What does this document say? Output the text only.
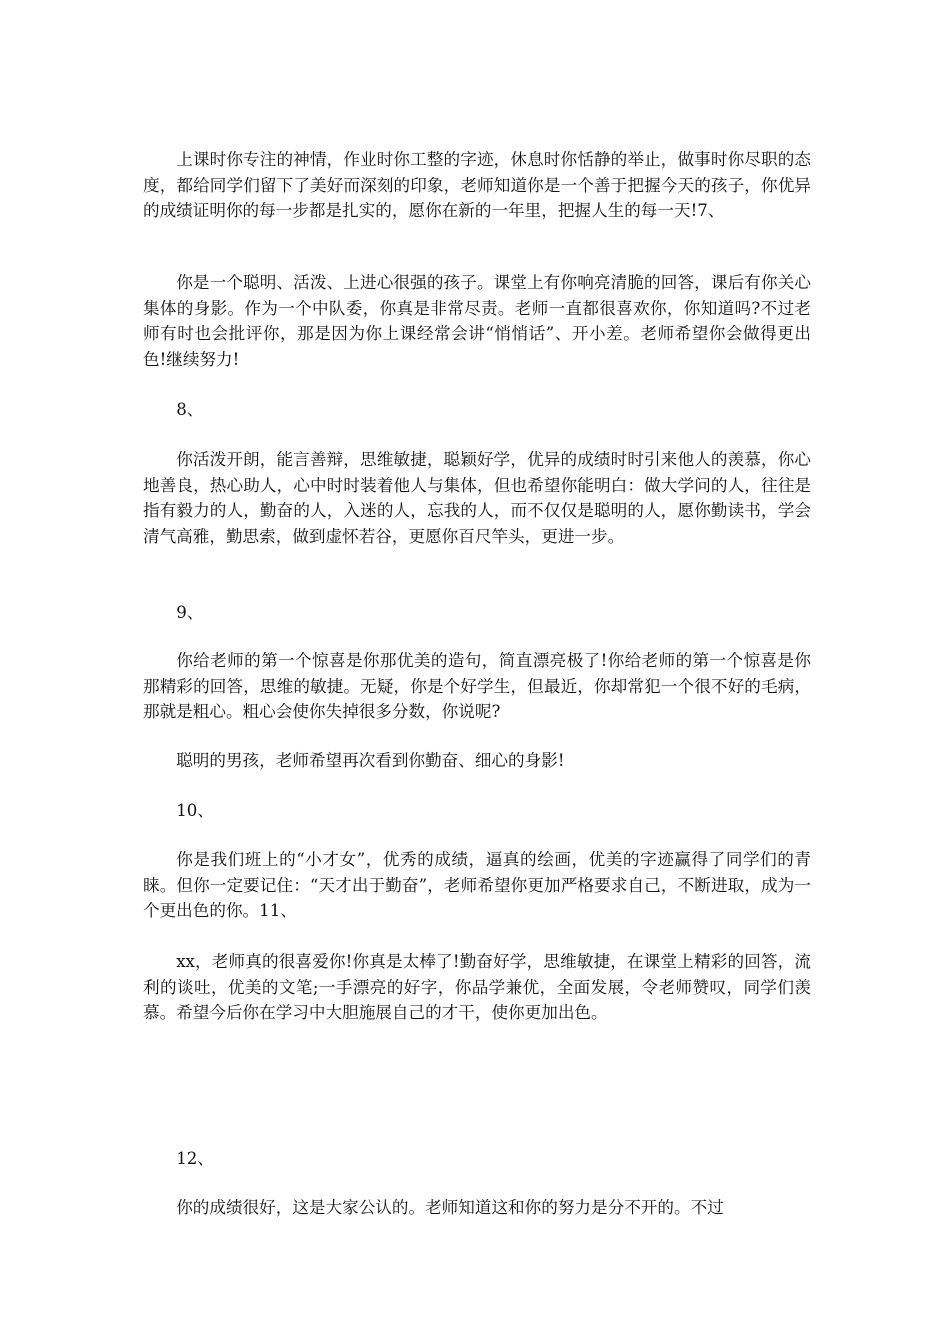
上课时你专注的神情，作业时你工整的字迹，休息时你恬静的举止，做事时你尽职的态度，都给同学们留下了美好而深刻的印象，老师知道你是一个善于把握今天的孩子，你优异的成绩证明你的每一步都是扎实的，愿你在新的一年里，把握人生的每一天!7、

你是一个聪明、活泼、上进心很强的孩子。课堂上有你响亮清脆的回答，课后有你关心集体的身影。作为一个中队委，你真是非常尽责。老师一直都很喜欢你，你知道吗?不过老师有时也会批评你，那是因为你上课经常会讲“悄悄话”、开小差。老师希望你会做得更出色!继续努力!

8、

你活泼开朗，能言善辩，思维敏捷，聪颖好学，优异的成绩时时引来他人的羡慕，你心地善良，热心助人，心中时时装着他人与集体，但也希望你能明白：做大学问的人，往往是指有毅力的人，勤奋的人，入迷的人，忘我的人，而不仅仅是聪明的人，愿你勤读书，学会清气高雅，勤思索，做到虚怀若谷，更愿你百尺竿头，更进一步。

9、

你给老师的第一个惊喜是你那优美的造句，简直漂亮极了!你给老师的第一个惊喜是你那精彩的回答，思维的敏捷。无疑，你是个好学生，但最近，你却常犯一个很不好的毛病，那就是粗心。粗心会使你失掉很多分数，你说呢?

聪明的男孩，老师希望再次看到你勤奋、细心的身影!

10、

你是我们班上的“小才女”，优秀的成绩，逼真的绘画，优美的字迹赢得了同学们的青睐。但你一定要记住：“天才出于勤奋”，老师希望你更加严格要求自己，不断进取，成为一个更出色的你。11、

xx，老师真的很喜爱你!你真是太棒了!勤奋好学，思维敏捷，在课堂上精彩的回答，流利的谈吐，优美的文笔;一手漂亮的好字，你品学兼优，全面发展，令老师赞叹，同学们羡慕。希望今后你在学习中大胆施展自己的才干，使你更加出色。

12、

你的成绩很好，这是大家公认的。老师知道这和你的努力是分不开的。不过
